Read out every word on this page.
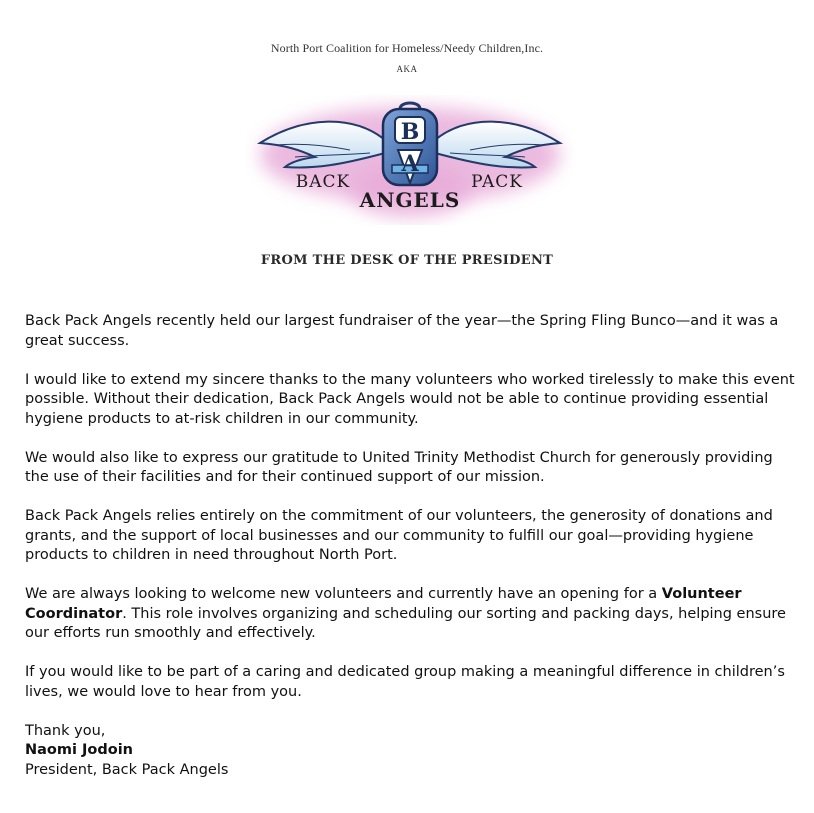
North Port Coalition for Homeless/Needy Children,Inc.
AKA
B
A
BACK	PACK
ANGELS
FROM THE DESK OF THE PRESIDENT

Back Pack Angels recently held our largest fundraiser of the year—the Spring Fling Bunco—and it was a great success.

I would like to extend my sincere thanks to the many volunteers who worked tirelessly to make this event possible. Without their dedication, Back Pack Angels would not be able to continue providing essential hygiene products to at-risk children in our community.

We would also like to express our gratitude to United Trinity Methodist Church for generously providing the use of their facilities and for their continued support of our mission.

Back Pack Angels relies entirely on the commitment of our volunteers, the generosity of donations and grants, and the support of local businesses and our community to fulfill our goal—providing hygiene products to children in need throughout North Port.

We are always looking to welcome new volunteers and currently have an opening for a Volunteer Coordinator. This role involves organizing and scheduling our sorting and packing days, helping ensure our efforts run smoothly and effectively.

If you would like to be part of a caring and dedicated group making a meaningful difference in children’s lives, we would love to hear from you.

Thank you,

Naomi Jodoin

President, Back Pack Angels
